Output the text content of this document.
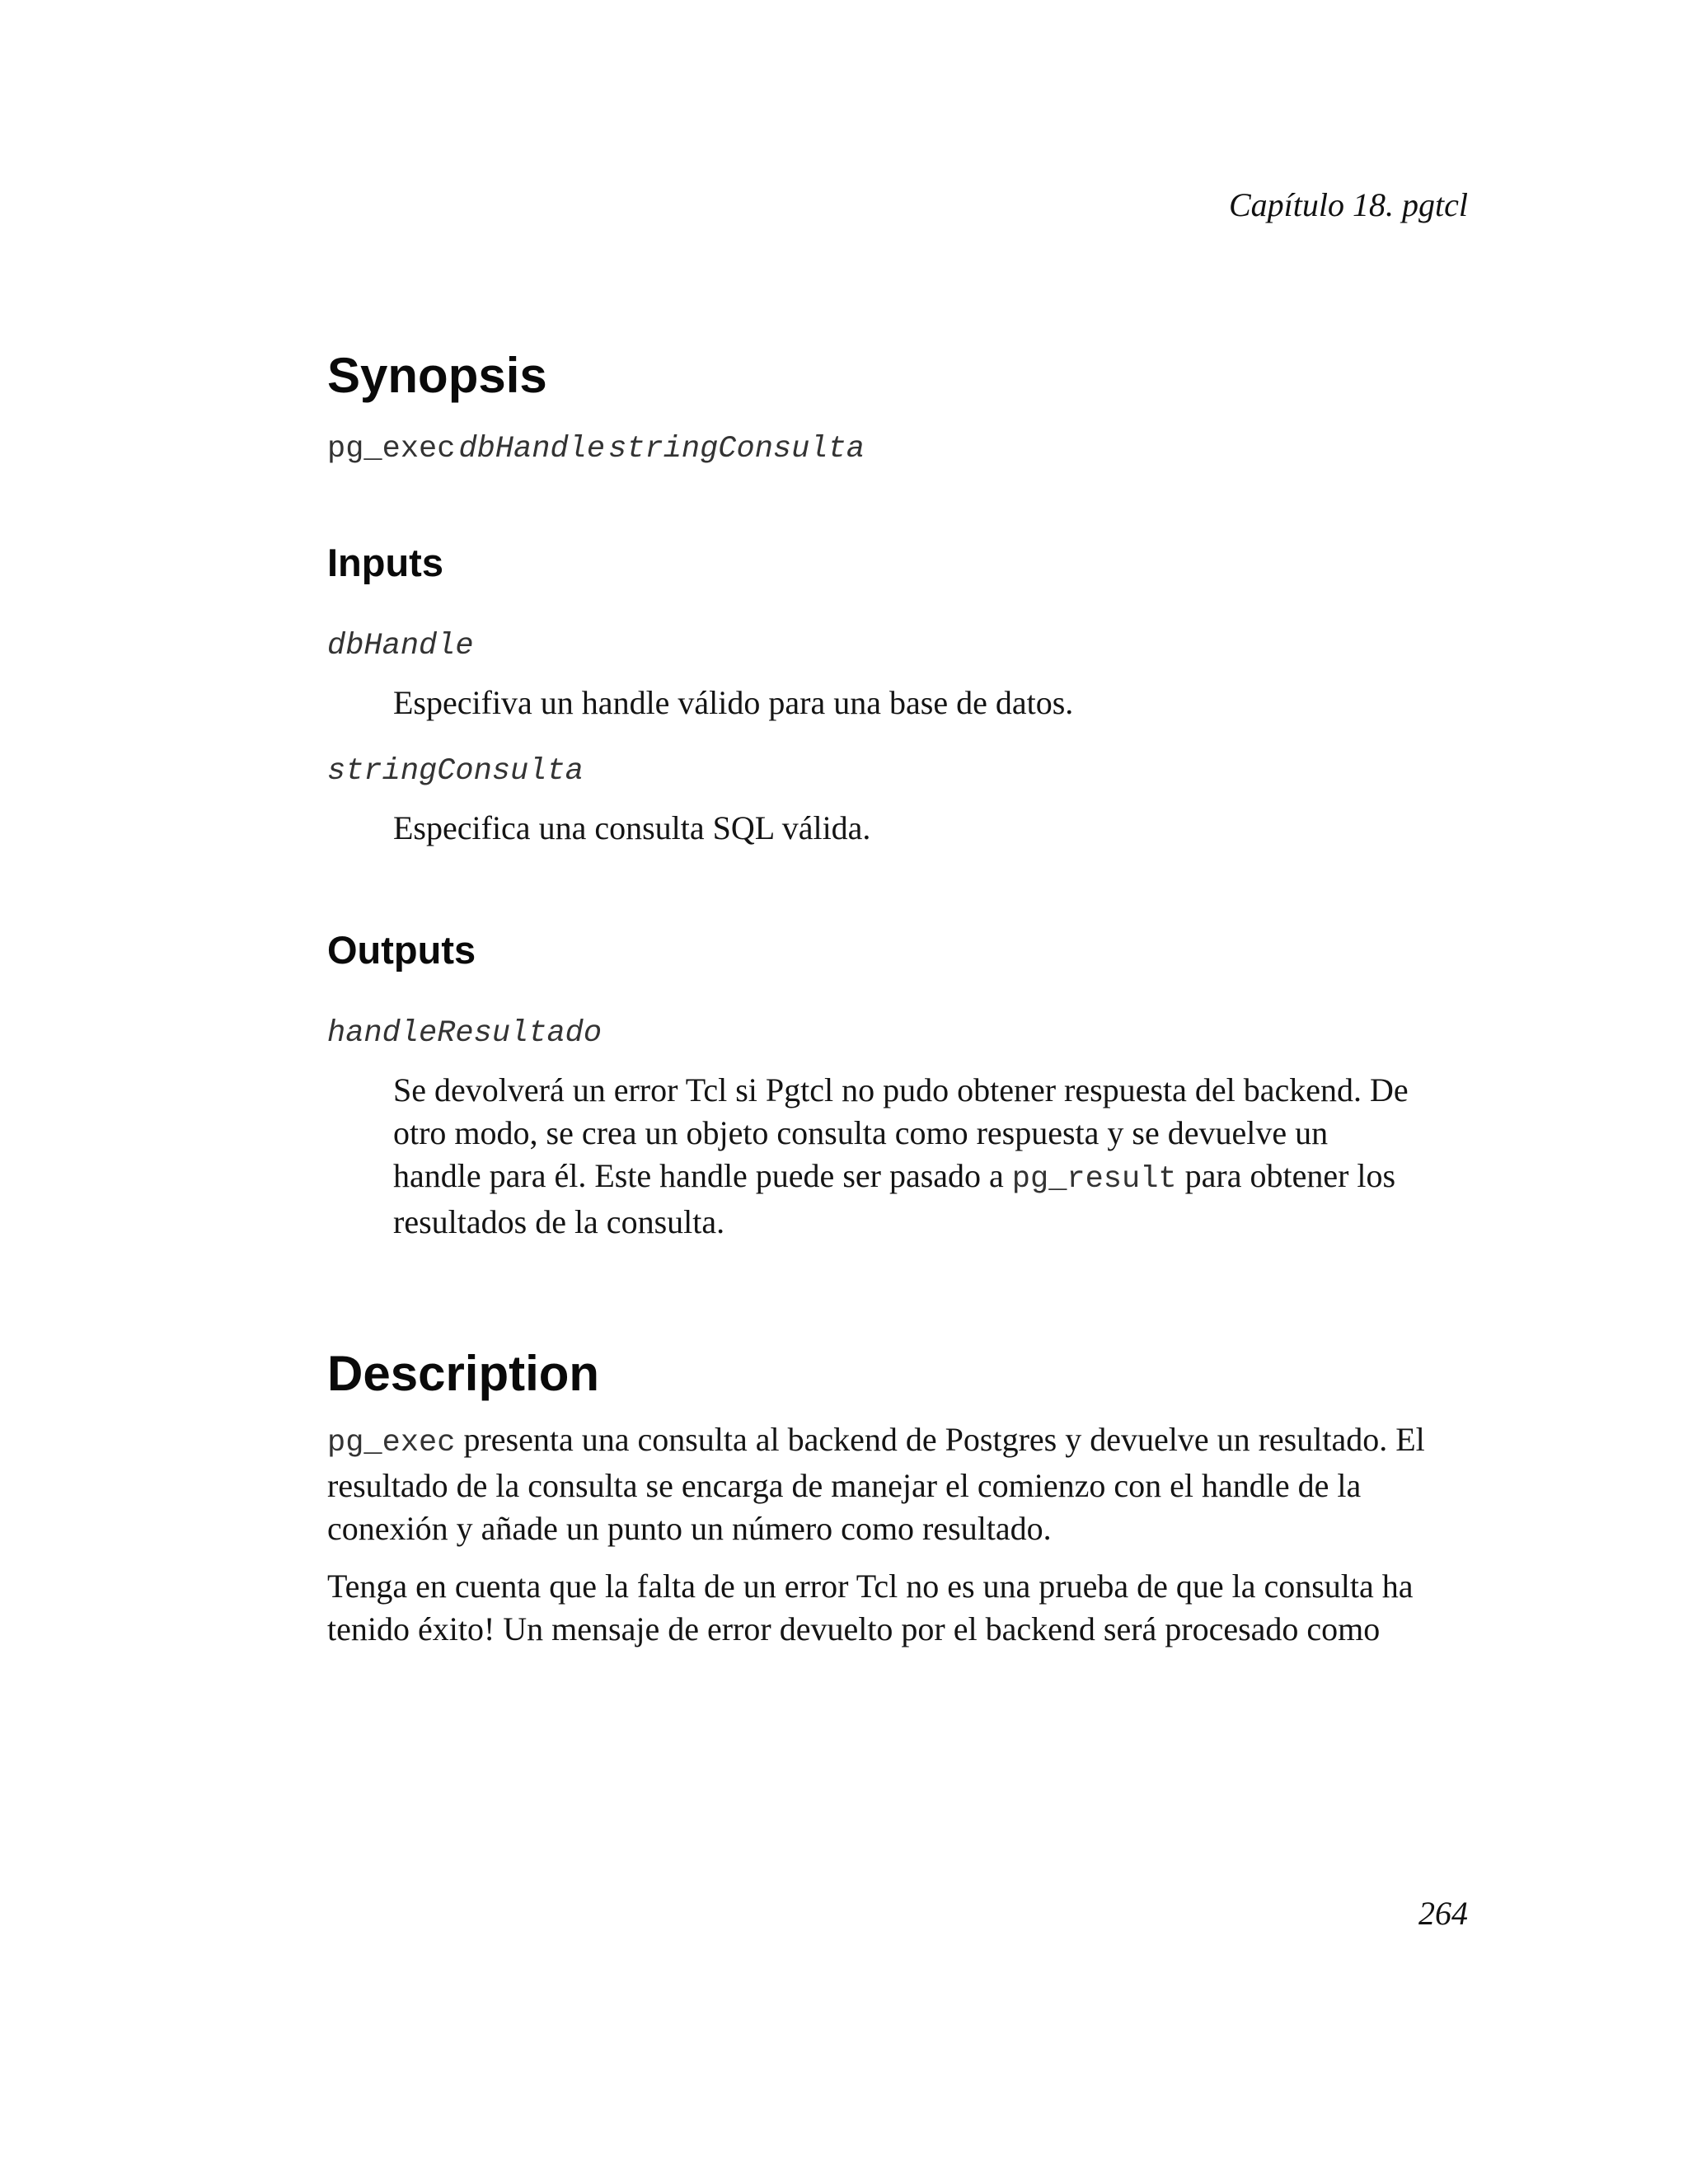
Capítulo 18. pgtcl
Synopsis
pg_exec dbHandle stringConsulta
Inputs
dbHandle
Especifiva un handle válido para una base de datos.
stringConsulta
Especifica una consulta SQL válida.
Outputs
handleResultado
Se devolverá un error Tcl si Pgtcl no pudo obtener respuesta del backend. De otro modo, se crea un objeto consulta como respuesta y se devuelve un handle para él. Este handle puede ser pasado a pg_result para obtener los resultados de la consulta.
Description

pg_exec presenta una consulta al backend de Postgres y devuelve un resultado. El resultado de la consulta se encarga de manejar el comienzo con el handle de la conexión y añade un punto un número como resultado.

Tenga en cuenta que la falta de un error Tcl no es una prueba de que la consulta ha tenido éxito! Un mensaje de error devuelto por el backend será procesado como

264
